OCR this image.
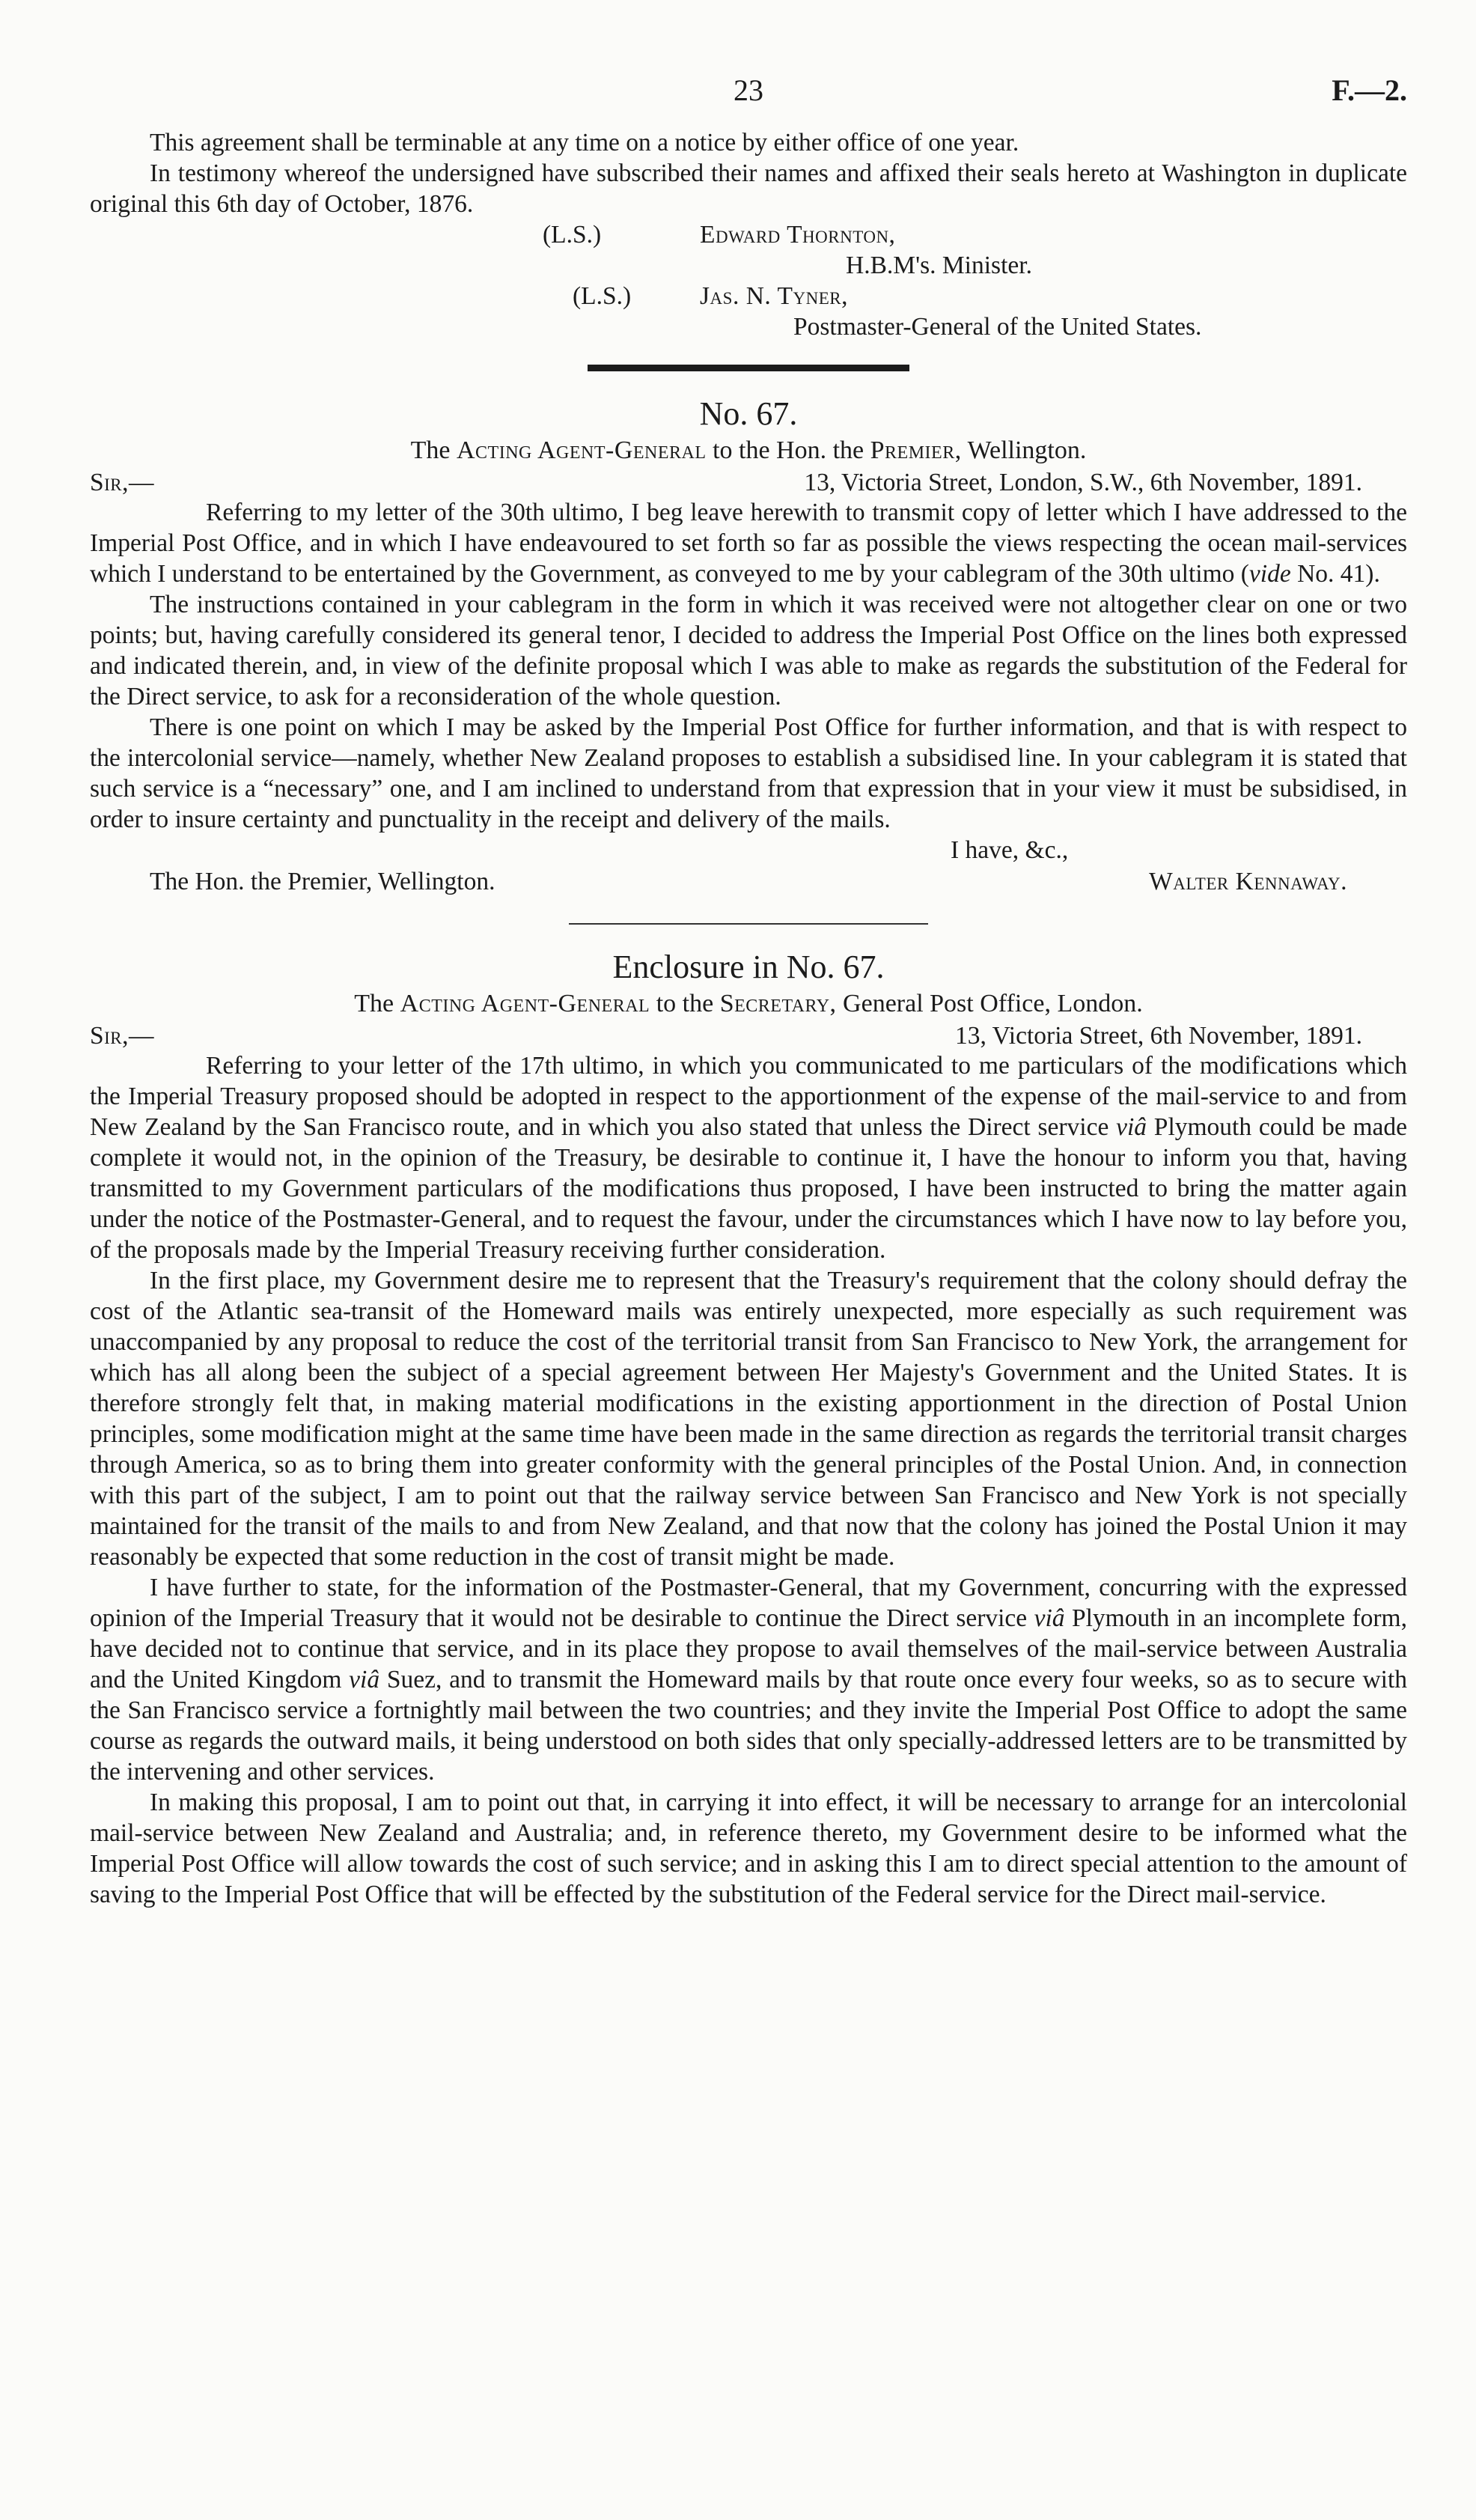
23	F.—2.

This agreement shall be terminable at any time on a notice by either office of one year.

In testimony whereof the undersigned have subscribed their names and affixed their seals hereto at Washington in duplicate original this 6th day of October, 1876.

(L.S.)	Edward Thornton,
H.B.M's. Minister.
(L.S.)	Jas. N. Tyner,
Postmaster-General of the United States.
No. 67.
The Acting Agent-General to the Hon. the Premier, Wellington.
Sir,—	13, Victoria Street, London, S.W., 6th November, 1891.

Referring to my letter of the 30th ultimo, I beg leave herewith to transmit copy of letter which I have addressed to the Imperial Post Office, and in which I have endeavoured to set forth so far as possible the views respecting the ocean mail-services which I understand to be entertained by the Government, as conveyed to me by your cablegram of the 30th ultimo (vide No. 41).

The instructions contained in your cablegram in the form in which it was received were not altogether clear on one or two points; but, having carefully considered its general tenor, I decided to address the Imperial Post Office on the lines both expressed and indicated therein, and, in view of the definite proposal which I was able to make as regards the substitution of the Federal for the Direct service, to ask for a reconsideration of the whole question.

There is one point on which I may be asked by the Imperial Post Office for further information, and that is with respect to the intercolonial service—namely, whether New Zealand proposes to establish a subsidised line. In your cablegram it is stated that such service is a “necessary” one, and I am inclined to understand from that expression that in your view it must be subsidised, in order to insure certainty and punctuality in the receipt and delivery of the mails.

I have, &c.,
The Hon. the Premier, Wellington.	Walter Kennaway.
Enclosure in No. 67.
The Acting Agent-General to the Secretary, General Post Office, London.
Sir,—	13, Victoria Street, 6th November, 1891.

Referring to your letter of the 17th ultimo, in which you communicated to me particulars of the modifications which the Imperial Treasury proposed should be adopted in respect to the apportionment of the expense of the mail-service to and from New Zealand by the San Francisco route, and in which you also stated that unless the Direct service viâ Plymouth could be made complete it would not, in the opinion of the Treasury, be desirable to continue it, I have the honour to inform you that, having transmitted to my Government particulars of the modifications thus proposed, I have been instructed to bring the matter again under the notice of the Postmaster-General, and to request the favour, under the circumstances which I have now to lay before you, of the proposals made by the Imperial Treasury receiving further consideration.

In the first place, my Government desire me to represent that the Treasury's requirement that the colony should defray the cost of the Atlantic sea-transit of the Homeward mails was entirely unexpected, more especially as such requirement was unaccompanied by any proposal to reduce the cost of the territorial transit from San Francisco to New York, the arrangement for which has all along been the subject of a special agreement between Her Majesty's Government and the United States. It is therefore strongly felt that, in making material modifications in the existing apportionment in the direction of Postal Union principles, some modification might at the same time have been made in the same direction as regards the territorial transit charges through America, so as to bring them into greater conformity with the general principles of the Postal Union. And, in connection with this part of the subject, I am to point out that the railway service between San Francisco and New York is not specially maintained for the transit of the mails to and from New Zealand, and that now that the colony has joined the Postal Union it may reasonably be expected that some reduction in the cost of transit might be made.

I have further to state, for the information of the Postmaster-General, that my Government, concurring with the expressed opinion of the Imperial Treasury that it would not be desirable to continue the Direct service viâ Plymouth in an incomplete form, have decided not to continue that service, and in its place they propose to avail themselves of the mail-service between Australia and the United Kingdom viâ Suez, and to transmit the Homeward mails by that route once every four weeks, so as to secure with the San Francisco service a fortnightly mail between the two countries; and they invite the Imperial Post Office to adopt the same course as regards the outward mails, it being understood on both sides that only specially-addressed letters are to be transmitted by the intervening and other services.

In making this proposal, I am to point out that, in carrying it into effect, it will be necessary to arrange for an intercolonial mail-service between New Zealand and Australia; and, in reference thereto, my Government desire to be informed what the Imperial Post Office will allow towards the cost of such service; and in asking this I am to direct special attention to the amount of saving to the Imperial Post Office that will be effected by the substitution of the Federal service for the Direct mail-service.
